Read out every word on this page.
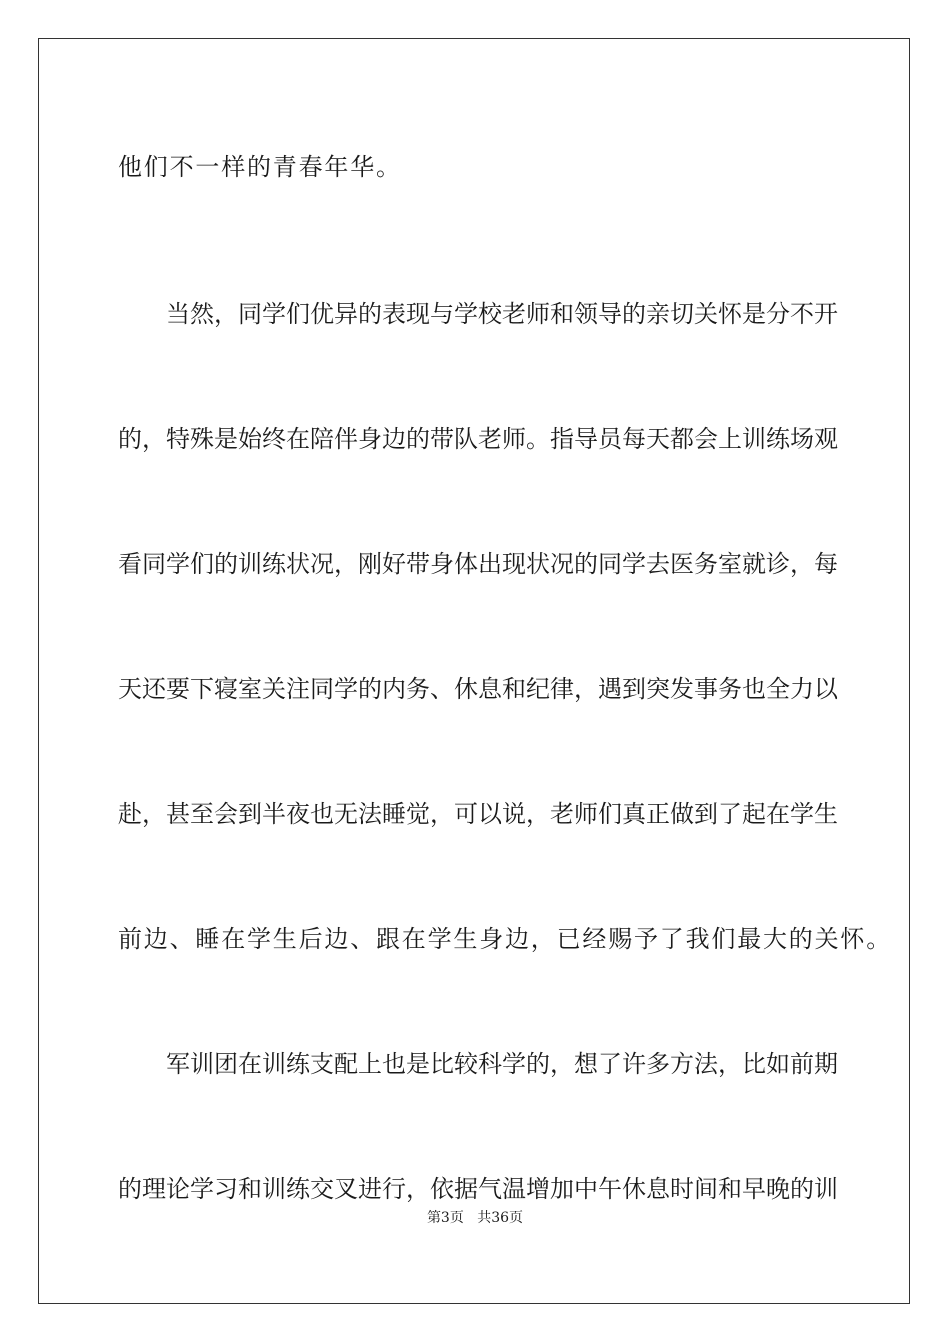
他们不一样的青春年华。
当然，同学们优异的表现与学校老师和领导的亲切关怀是分不开
的，特殊是始终在陪伴身边的带队老师。指导员每天都会上训练场观
看同学们的训练状况，刚好带身体出现状况的同学去医务室就诊，每
天还要下寝室关注同学的内务、休息和纪律，遇到突发事务也全力以
赴，甚至会到半夜也无法睡觉，可以说，老师们真正做到了起在学生
前边、睡在学生后边、跟在学生身边，已经赐予了我们最大的关怀。
军训团在训练支配上也是比较科学的，想了许多方法，比如前期
的理论学习和训练交叉进行，依据气温增加中午休息时间和早晚的训
第3页 共36页
